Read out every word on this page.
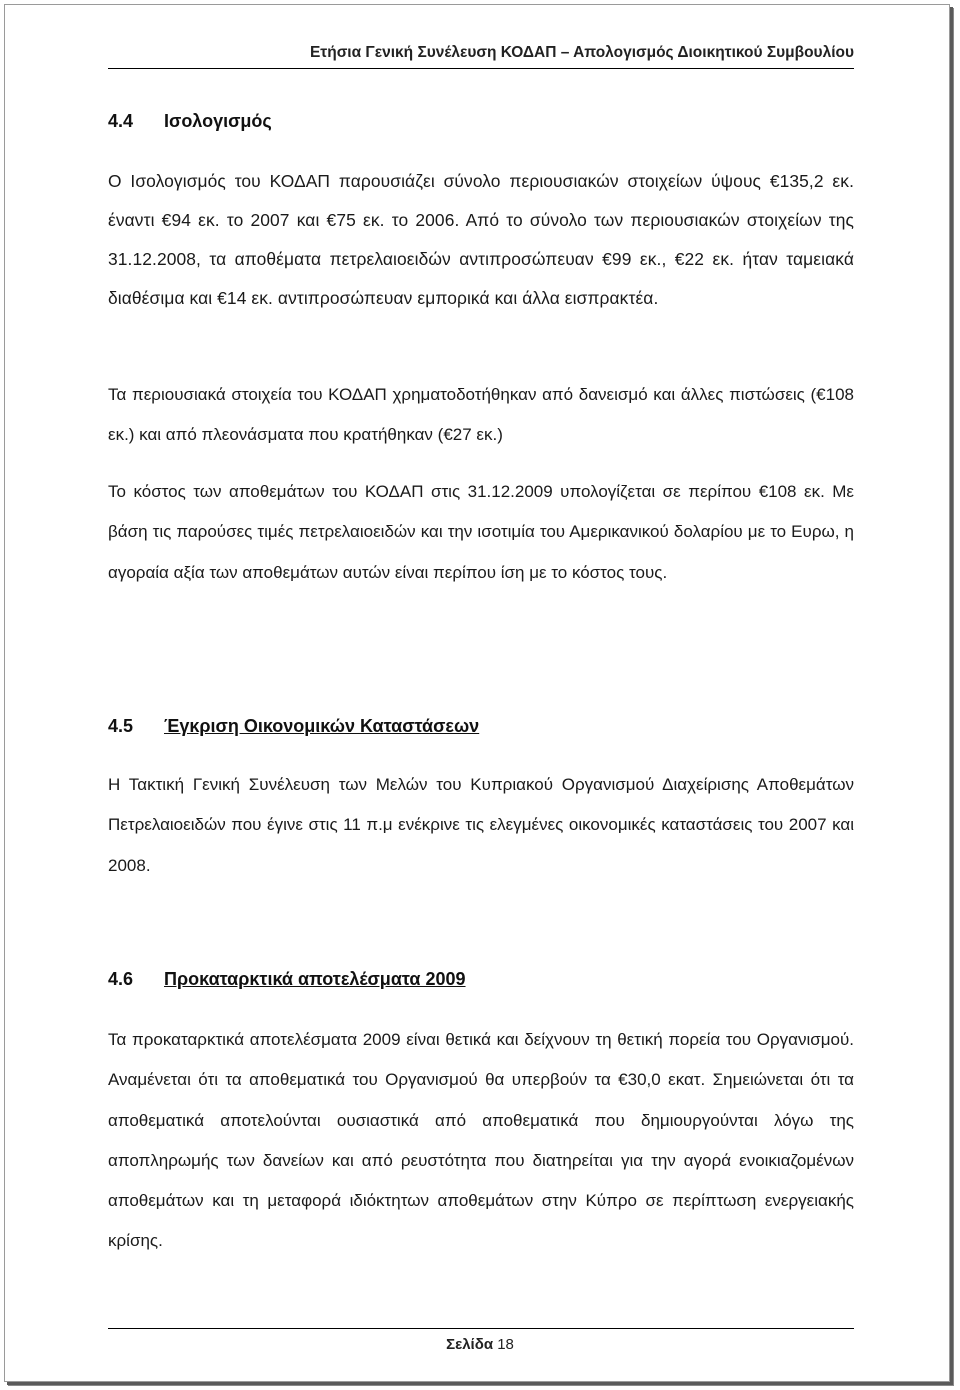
Ετήσια Γενική Συνέλευση ΚΟΔΑΠ – Απολογισμός Διοικητικού Συμβουλίου
4.4 Ισολογισμός

Ο Ισολογισμός του ΚΟΔΑΠ παρουσιάζει σύνολο περιουσιακών στοιχείων ύψους €135,2 εκ. έναντι €94 εκ. το 2007 και €75 εκ. το 2006. Από το σύνολο των περιουσιακών στοιχείων της 31.12.2008, τα αποθέματα πετρελαιοειδών αντιπροσώπευαν €99 εκ., €22 εκ. ήταν ταμειακά διαθέσιμα και €14 εκ. αντιπροσώπευαν εμπορικά και άλλα εισπρακτέα.

Τα περιουσιακά στοιχεία του ΚΟΔΑΠ χρηματοδοτήθηκαν από δανεισμό και άλλες πιστώσεις (€108 εκ.) και από πλεονάσματα που κρατήθηκαν (€27 εκ.)

Το κόστος των αποθεμάτων του ΚΟΔΑΠ στις 31.12.2009 υπολογίζεται σε περίπου €108 εκ. Με βάση τις παρούσες τιμές πετρελαιοειδών και την ισοτιμία του Αμερικανικού δολαρίου με το Ευρω, η αγοραία αξία των αποθεμάτων αυτών είναι περίπου ίση με το κόστος τους.

4.5 Έγκριση Οικονομικών Καταστάσεων

Η Τακτική Γενική Συνέλευση των Μελών του Κυπριακού Οργανισμού Διαχείρισης Αποθεμάτων Πετρελαιοειδών που έγινε στις 11 π.μ ενέκρινε τις ελεγμένες οικονομικές καταστάσεις του 2007 και 2008.

4.6 Προκαταρκτικά αποτελέσματα 2009

Τα προκαταρκτικά αποτελέσματα 2009 είναι θετικά και δείχνουν τη θετική πορεία του Οργανισμού. Αναμένεται ότι τα αποθεματικά του Οργανισμού θα υπερβούν τα €30,0 εκατ. Σημειώνεται ότι τα αποθεματικά αποτελούνται ουσιαστικά από αποθεματικά που δημιουργούνται λόγω της αποπληρωμής των δανείων και από ρευστότητα που διατηρείται για την αγορά ενοικιαζομένων αποθεμάτων και τη μεταφορά ιδιόκτητων αποθεμάτων στην Κύπρο σε περίπτωση ενεργειακής κρίσης.

Σελίδα 18
